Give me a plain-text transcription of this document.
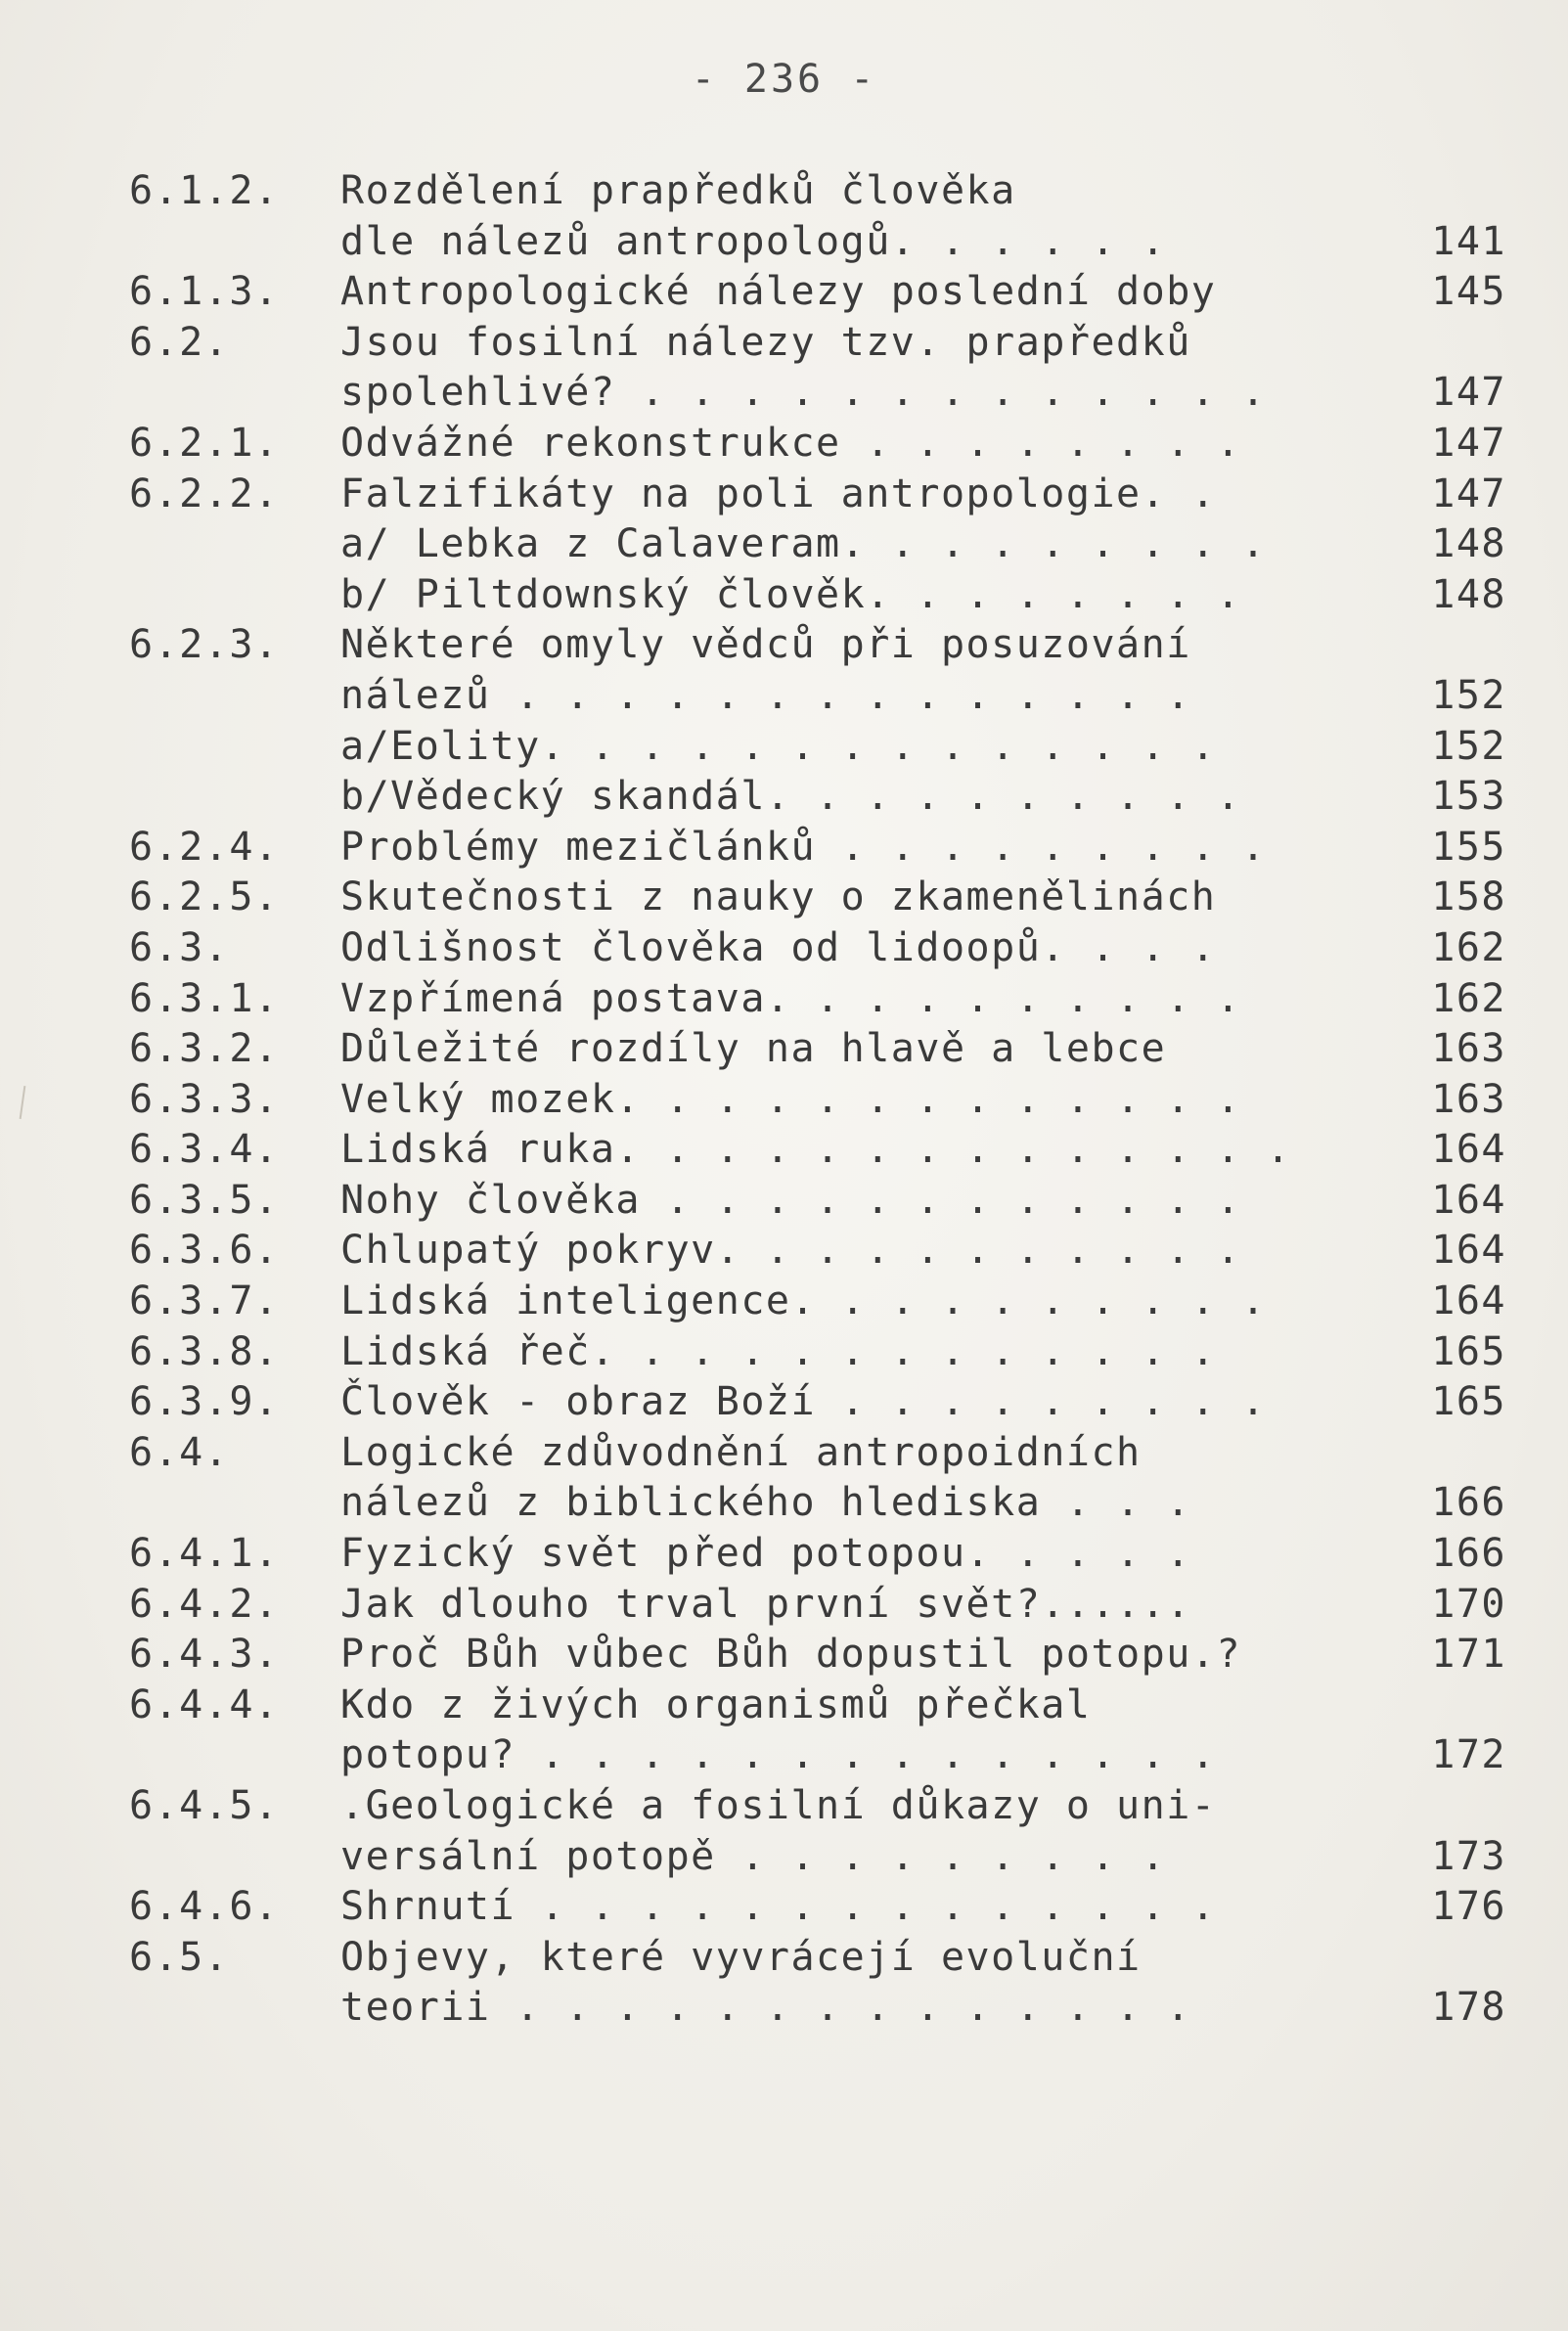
- 236 -
6.1.2. Rozdělení prapředků člověka
dle nálezů antropologů. . . . . .	141
6.1.3. Antropologické nálezy poslední doby	145
6.2.	Jsou fosilní nálezy tzv. prapředků
spolehlivé? . . . . . . . . . . . . .	147
6.2.1. Odvážné rekonstrukce . . . . . . . .	147
6.2.2. Falzifikáty na poli antropologie. .	147
a/ Lebka z Calaveram. . . . . . . . .	148
b/ Piltdownský člověk. . . . . . . .	148
6.2.3. Některé omyly vědců při posuzování
nálezů . . . . . . . . . . . . . .	152
a/Eolity. . . . . . . . . . . . . .	152
b/Vědecký skandál. . . . . . . . . .	153
6.2.4. Problémy mezičlánků . . . . . . . . .	155
6.2.5. Skutečnosti z nauky o zkamenělinách	158
6.3.	Odlišnost člověka od lidoopů. . . .	162
6.3.1. Vzpřímená postava. . . . . . . . . .	162
6.3.2. Důležité rozdíly na hlavě a lebce	163
6.3.3. Velký mozek. . . . . . . . . . . . .	163
6.3.4. Lidská ruka. . . . . . . . . . . . . .	164
6.3.5. Nohy člověka . . . . . . . . . . . .	164
6.3.6. Chlupatý pokryv. . . . . . . . . . .	164
6.3.7. Lidská inteligence. . . . . . . . . .	164
6.3.8. Lidská řeč. . . . . . . . . . . . .	165
6.3.9. Člověk - obraz Boží . . . . . . . . .	165
6.4.	Logické zdůvodnění antropoidních
nálezů z biblického hlediska . . .	166
6.4.1. Fyzický svět před potopou. . . . .	166
6.4.2. Jak dlouho trval první svět?......	170
6.4.3. Proč Bůh vůbec Bůh dopustil potopu.?	171
6.4.4. Kdo z živých organismů přečkal
potopu? . . . . . . . . . . . . . .	172
6.4.5. .Geologické a fosilní důkazy o uni-
versální potopě . . . . . . . . .	173
6.4.6. Shrnutí . . . . . . . . . . . . . .	176
6.5.	Objevy, které vyvrácejí evoluční
teorii . . . . . . . . . . . . . .	178
